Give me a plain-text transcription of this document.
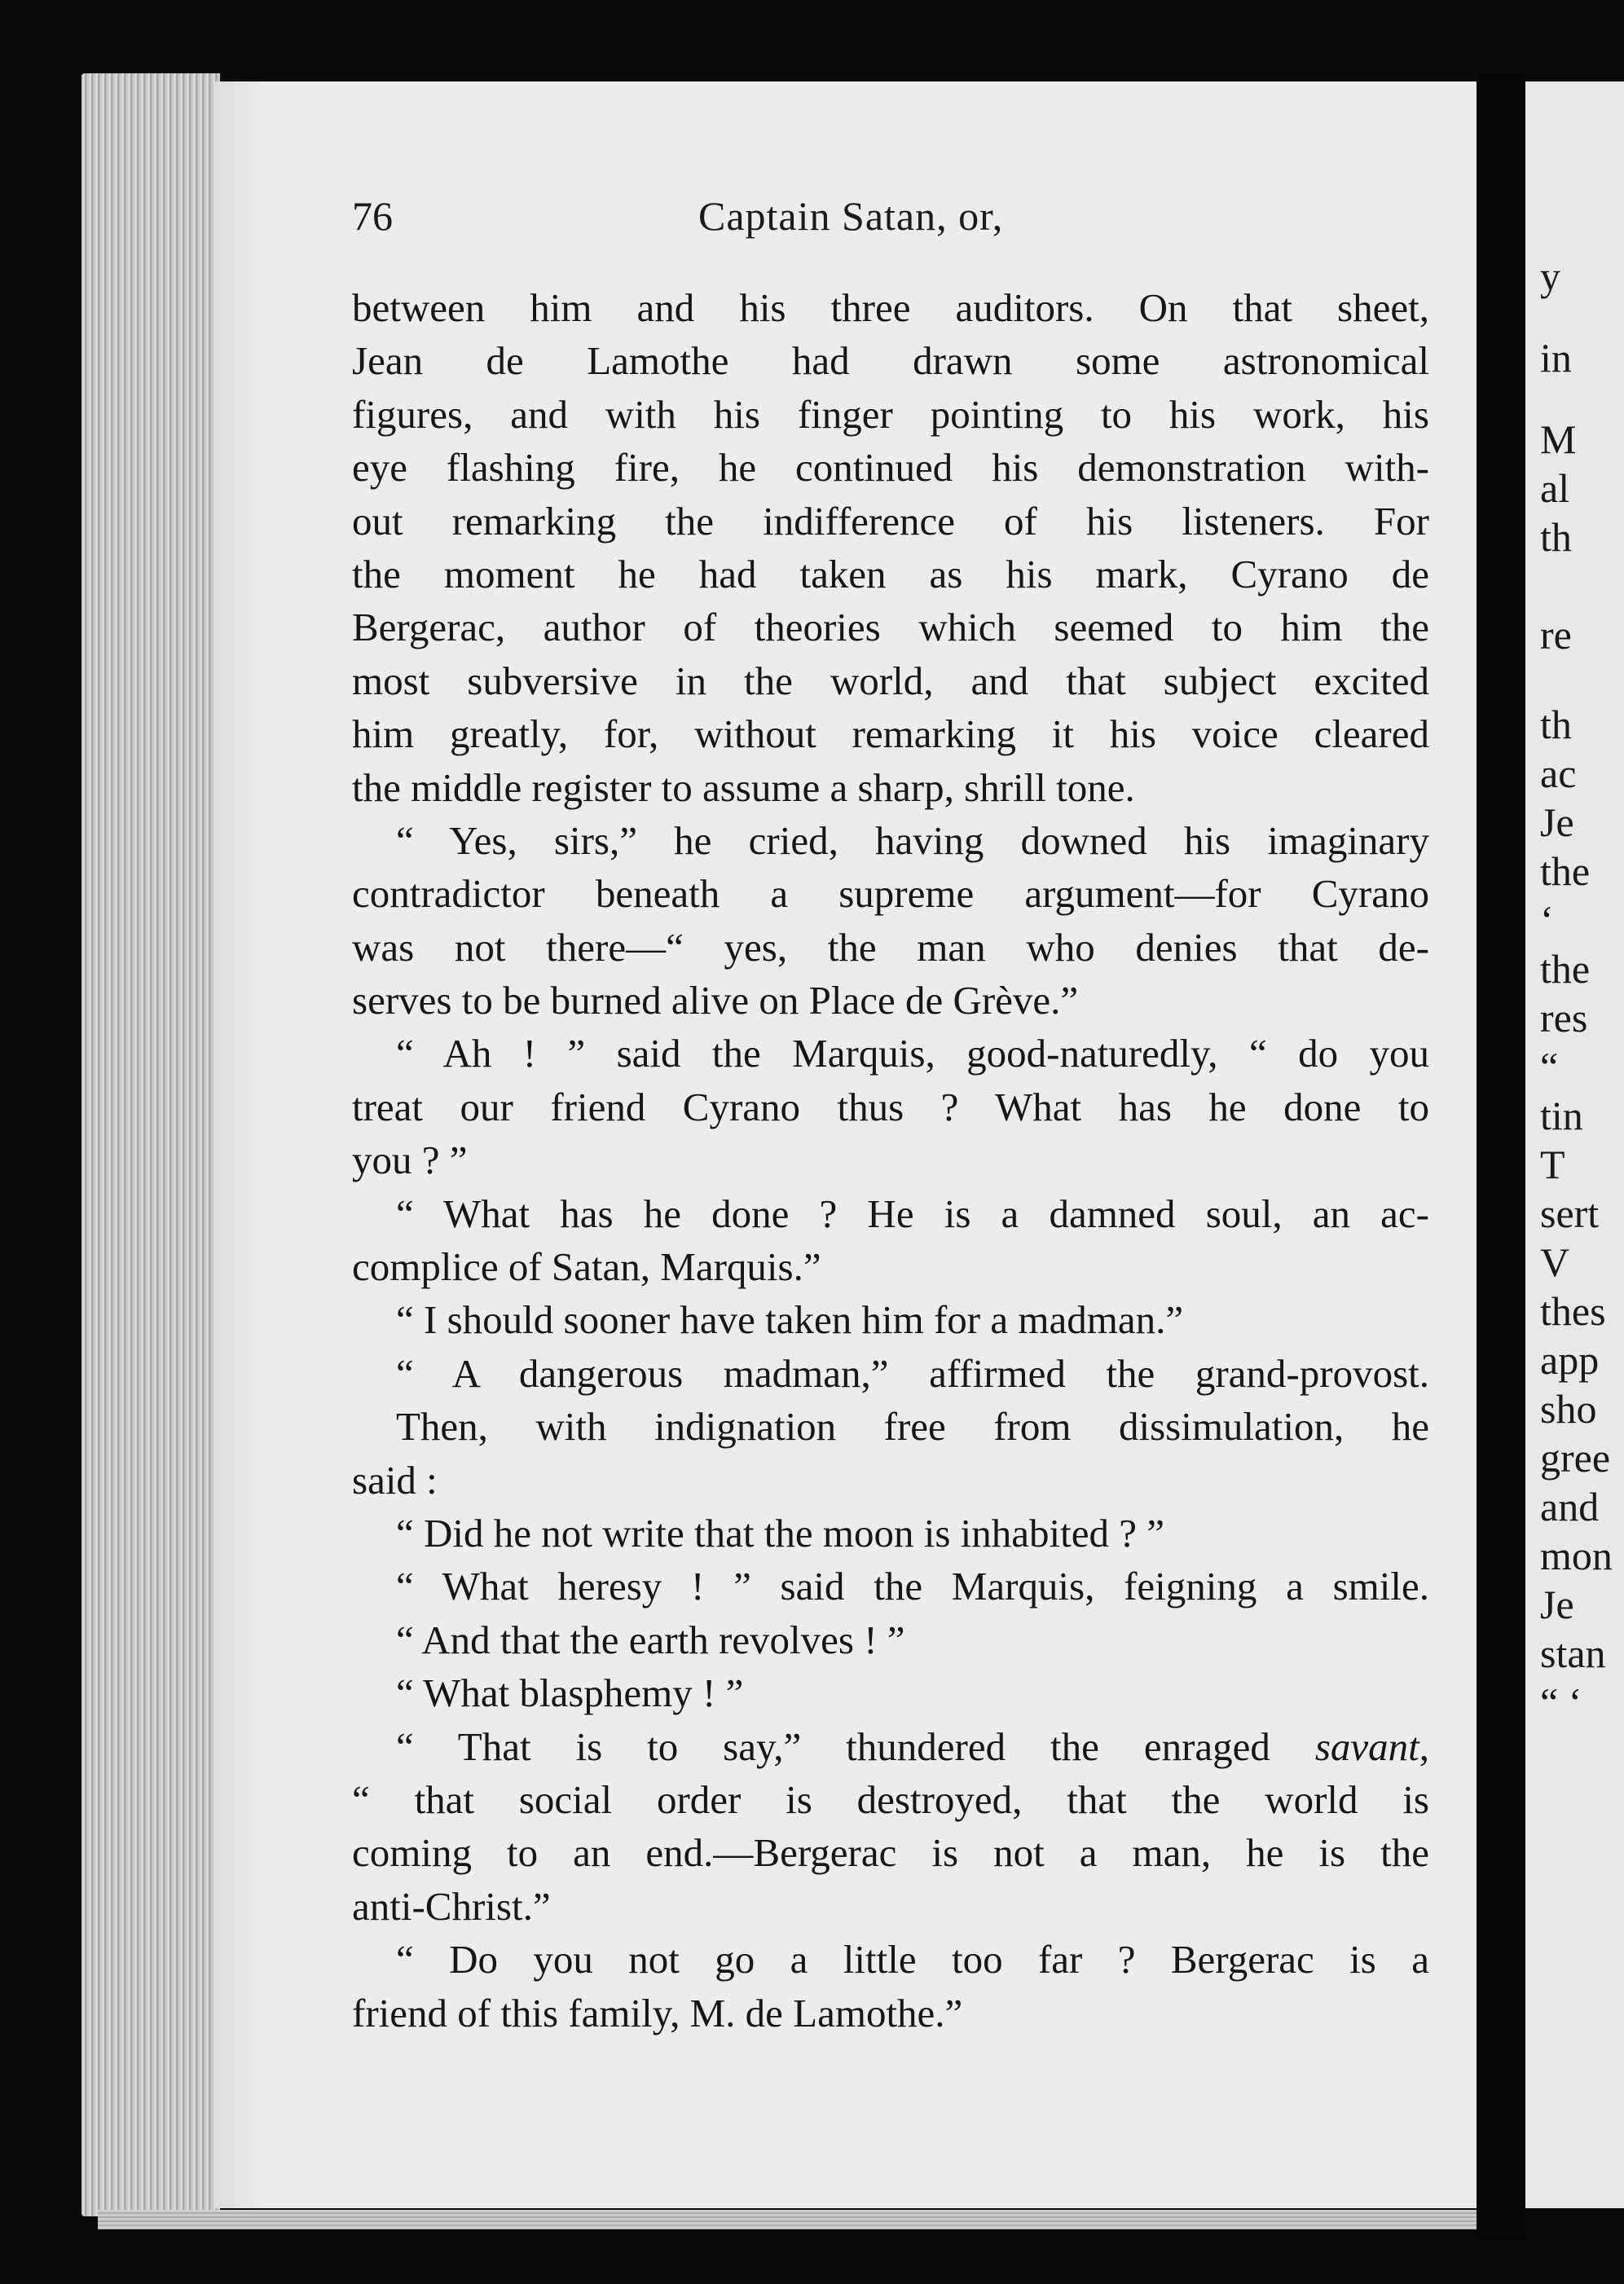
y
in
M
al
th
re
th
ac
Je
the
‘
the
res
“
tin
T
sert
V
thes
app
sho
gree
and
mon
Je
stan
“ ‘
76	Captain Satan, or,
between him and his three auditors. On that sheet,
Jean de Lamothe had drawn some astronomical
figures, and with his finger pointing to his work, his
eye flashing fire, he continued his demonstration with-
out remarking the indifference of his listeners. For
the moment he had taken as his mark, Cyrano de
Bergerac, author of theories which seemed to him the
most subversive in the world, and that subject excited
him greatly, for, without remarking it his voice cleared
the middle register to assume a sharp, shrill tone.
“ Yes, sirs,” he cried, having downed his imaginary
contradictor beneath a supreme argument—for Cyrano
was not there—“ yes, the man who denies that de-
serves to be burned alive on Place de Grève.”
“ Ah ! ” said the Marquis, good-naturedly, “ do you
treat our friend Cyrano thus ? What has he done to
you ? ”
“ What has he done ? He is a damned soul, an ac-
complice of Satan, Marquis.”
“ I should sooner have taken him for a madman.”
“ A dangerous madman,” affirmed the grand-provost.
Then, with indignation free from dissimulation, he
said :
“ Did he not write that the moon is inhabited ? ”
“ What heresy ! ” said the Marquis, feigning a smile.
“ And that the earth revolves ! ”
“ What blasphemy ! ”
“ That is to say,” thundered the enraged savant,
“ that social order is destroyed, that the world is
coming to an end.—Bergerac is not a man, he is the
anti-Christ.”
“ Do you not go a little too far ? Bergerac is a
friend of this family, M. de Lamothe.”
